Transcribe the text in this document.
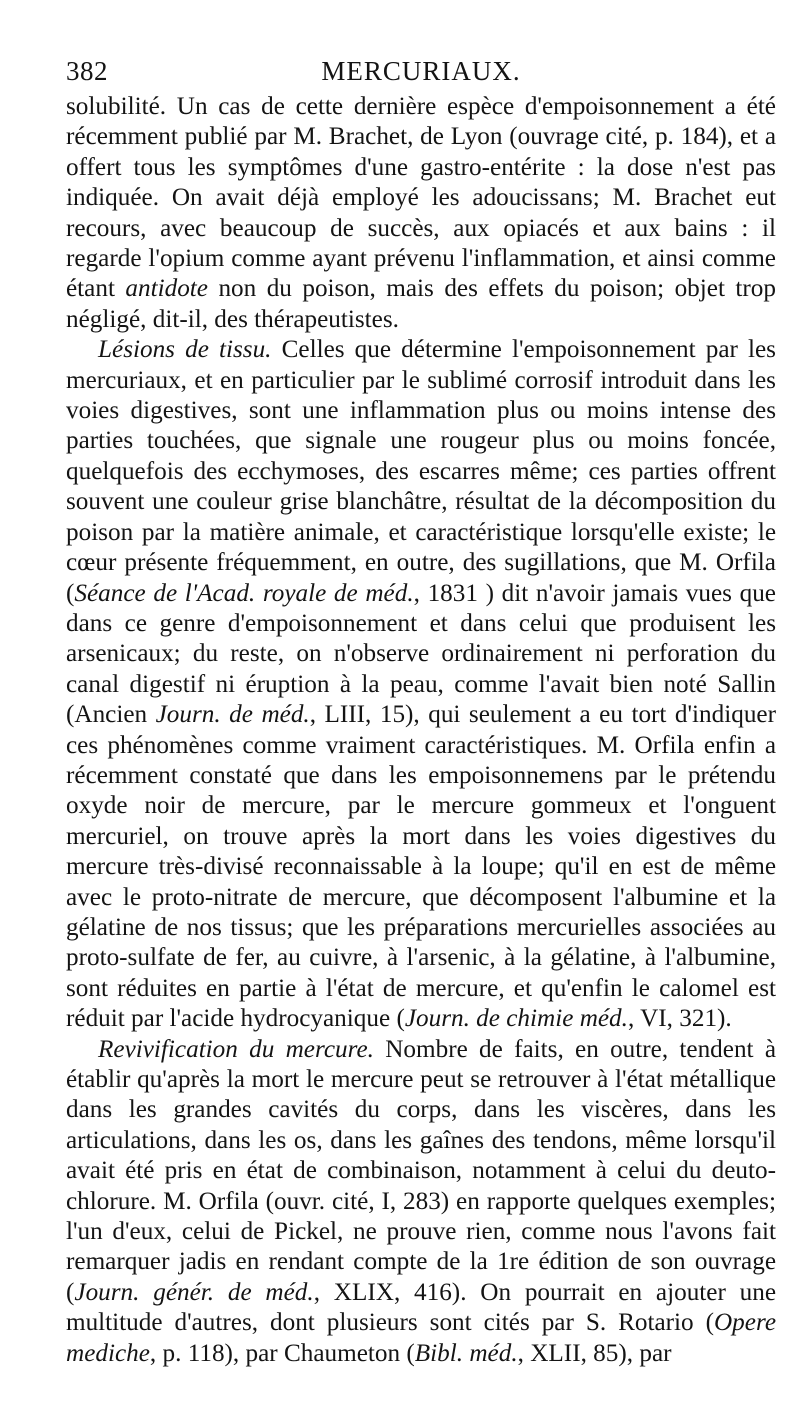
382	MERCURIAUX.

solubilité. Un cas de cette dernière espèce d'empoisonnement a été récemment publié par M. Brachet, de Lyon (ouvrage cité, p. 184), et a offert tous les symptômes d'une gastro-entérite : la dose n'est pas indiquée. On avait déjà employé les adoucissans; M. Brachet eut recours, avec beaucoup de succès, aux opiacés et aux bains : il regarde l'opium comme ayant prévenu l'inflammation, et ainsi comme étant antidote non du poison, mais des effets du poison; objet trop négligé, dit-il, des thérapeutistes.

Lésions de tissu. Celles que détermine l'empoisonnement par les mercuriaux, et en particulier par le sublimé corrosif introduit dans les voies digestives, sont une inflammation plus ou moins intense des parties touchées, que signale une rougeur plus ou moins foncée, quelquefois des ecchymoses, des escarres même; ces parties offrent souvent une couleur grise blanchâtre, résultat de la décomposition du poison par la matière animale, et caractéristique lorsqu'elle existe; le cœur présente fréquemment, en outre, des sugillations, que M. Orfila (Séance de l'Acad. royale de méd., 1831 ) dit n'avoir jamais vues que dans ce genre d'empoisonnement et dans celui que produisent les arsenicaux; du reste, on n'observe ordinairement ni perforation du canal digestif ni éruption à la peau, comme l'avait bien noté Sallin (Ancien Journ. de méd., LIII, 15), qui seulement a eu tort d'indiquer ces phénomènes comme vraiment caractéristiques. M. Orfila enfin a récemment constaté que dans les empoisonnemens par le prétendu oxyde noir de mercure, par le mercure gommeux et l'onguent mercuriel, on trouve après la mort dans les voies digestives du mercure très-divisé reconnaissable à la loupe; qu'il en est de même avec le proto-nitrate de mercure, que décomposent l'albumine et la gélatine de nos tissus; que les préparations mercurielles associées au proto-sulfate de fer, au cuivre, à l'arsenic, à la gélatine, à l'albumine, sont réduites en partie à l'état de mercure, et qu'enfin le calomel est réduit par l'acide hydrocyanique (Journ. de chimie méd., VI, 321).

Revivification du mercure. Nombre de faits, en outre, tendent à établir qu'après la mort le mercure peut se retrouver à l'état métallique dans les grandes cavités du corps, dans les viscères, dans les articulations, dans les os, dans les gaînes des tendons, même lorsqu'il avait été pris en état de combinaison, notamment à celui du deuto-chlorure. M. Orfila (ouvr. cité, I, 283) en rapporte quelques exemples; l'un d'eux, celui de Pickel, ne prouve rien, comme nous l'avons fait remarquer jadis en rendant compte de la 1re édition de son ouvrage (Journ. génér. de méd., XLIX, 416). On pourrait en ajouter une multitude d'autres, dont plusieurs sont cités par S. Rotario (Opere mediche, p. 118), par Chaumeton (Bibl. méd., XLII, 85), par
